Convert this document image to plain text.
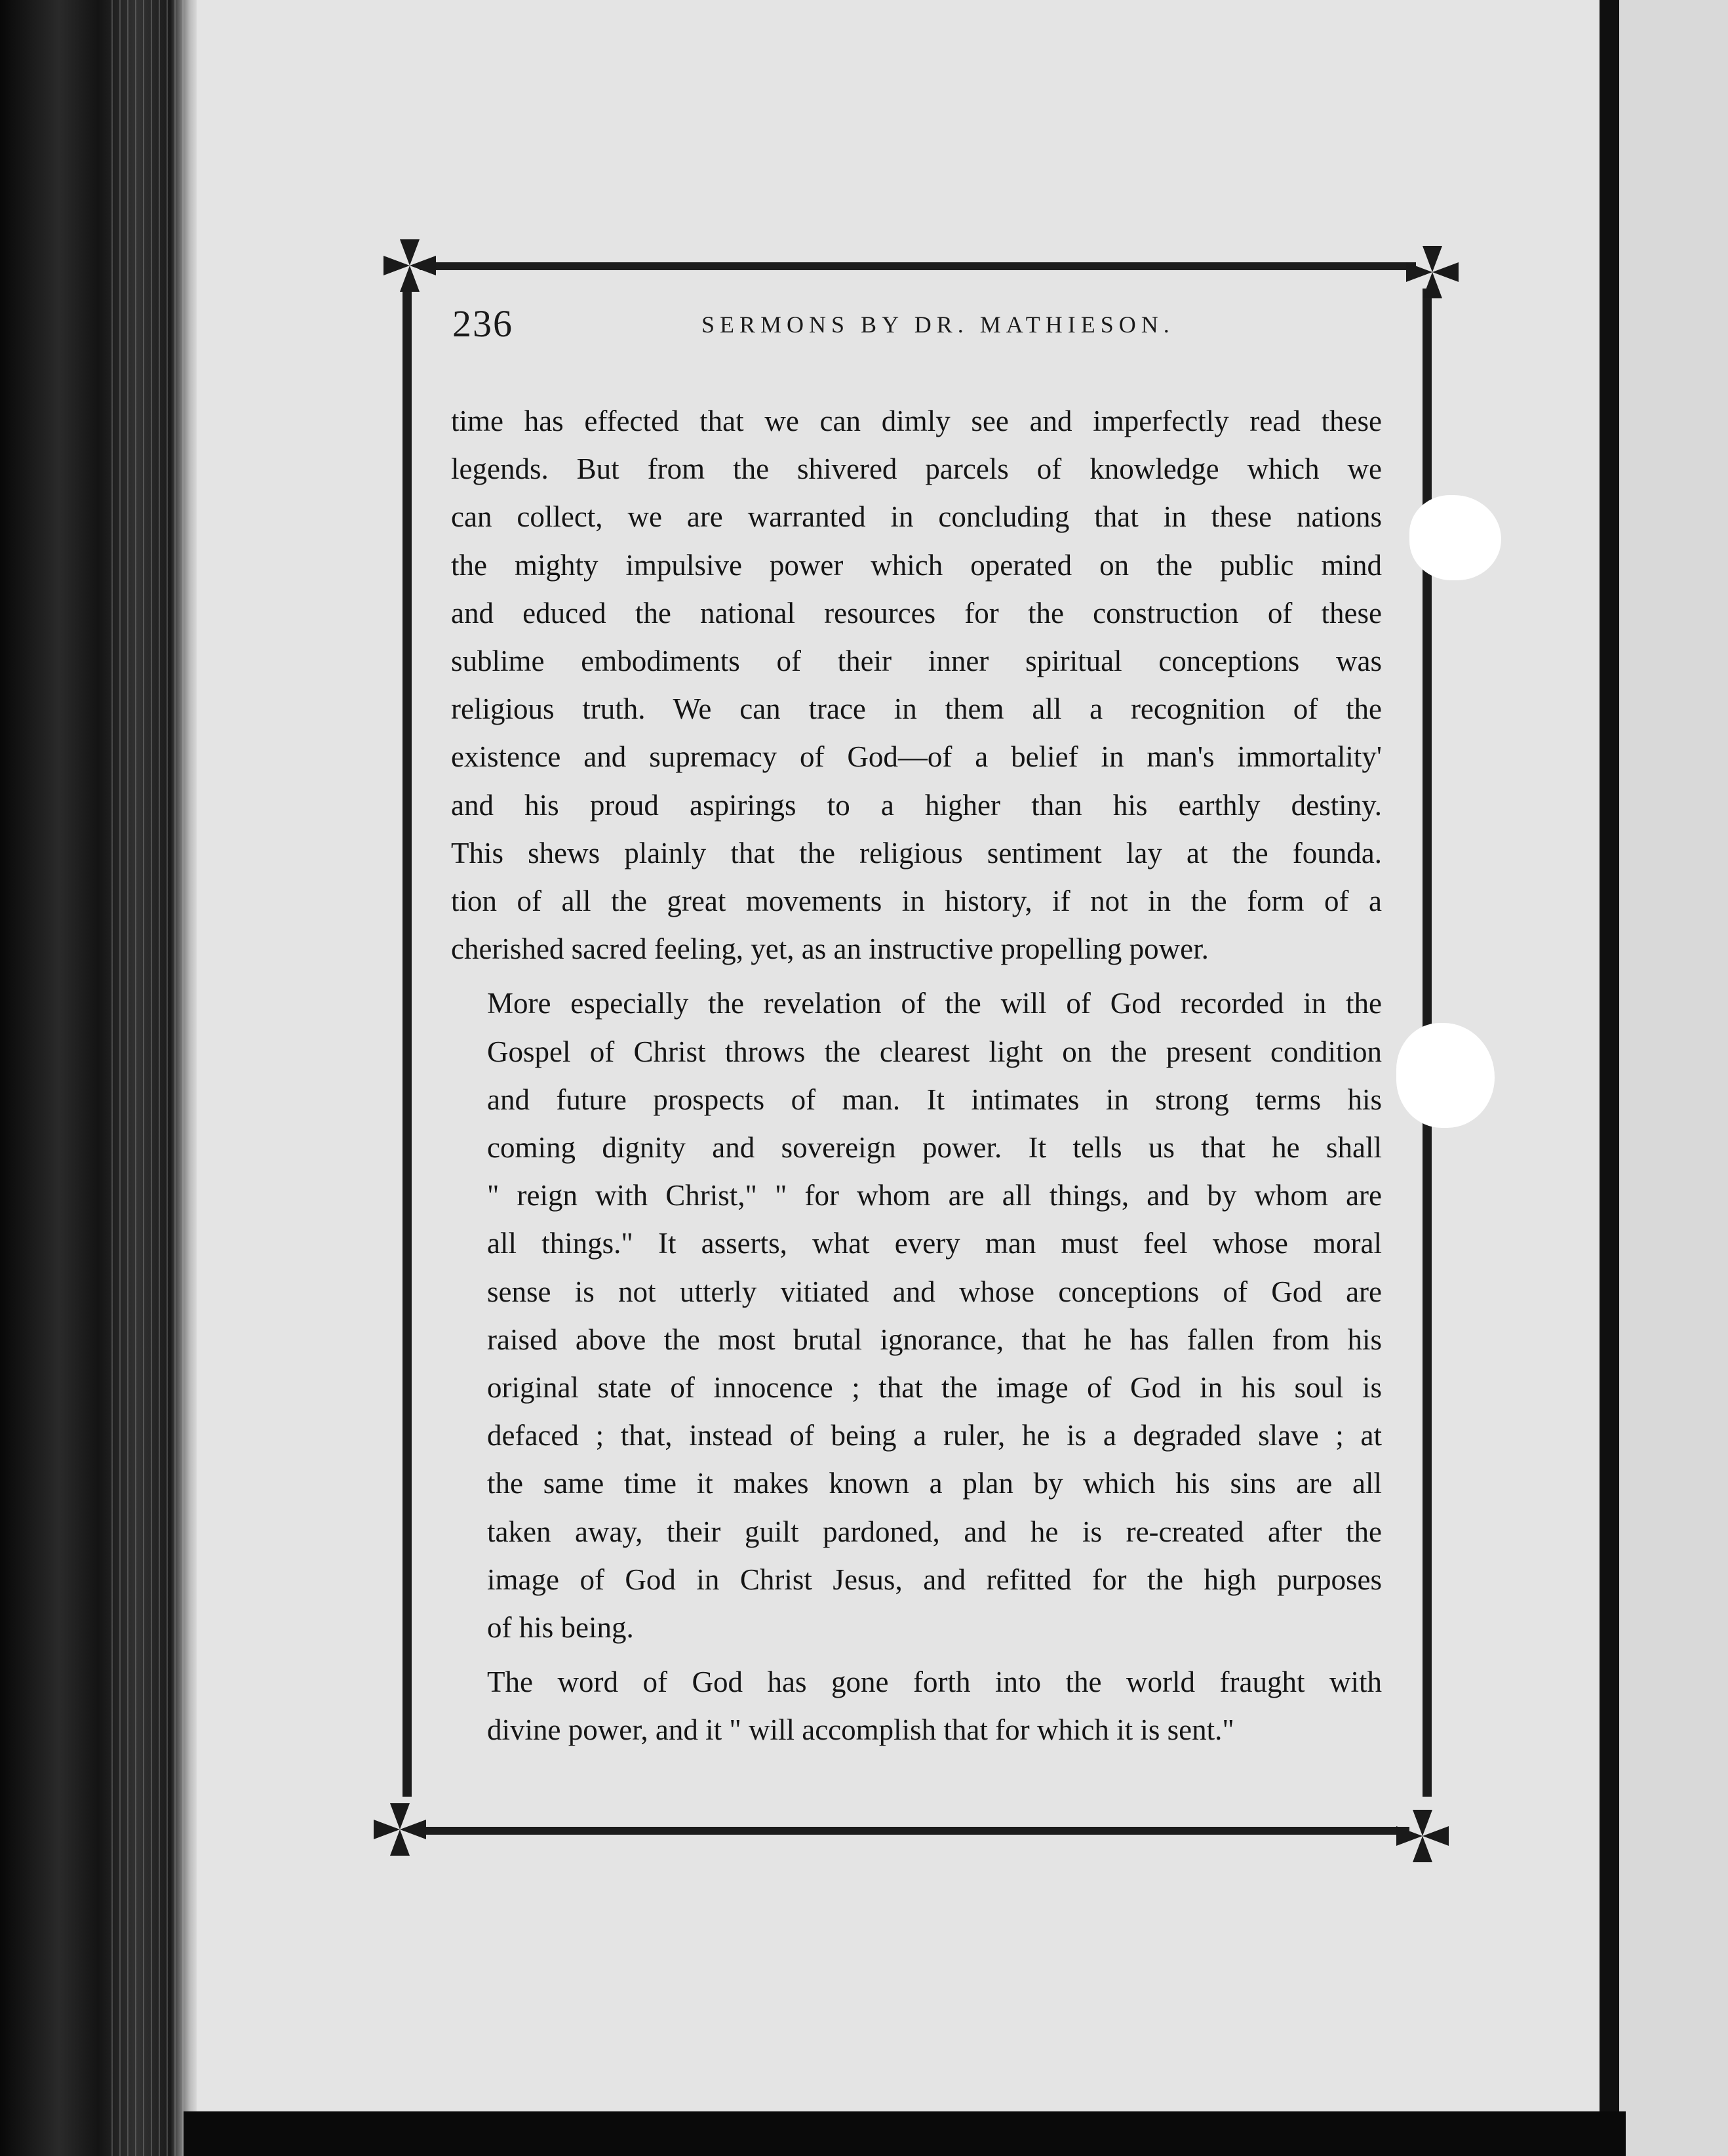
236	SERMONS BY DR. MATHIESON.

time has effected that we can dimly see and imperfectly read these
legends. But from the shivered parcels of knowledge which we
can collect, we are warranted in concluding that in these nations
the mighty impulsive power which operated on the public mind
and educed the national resources for the construction of these
sublime embodiments of their inner spiritual conceptions was
religious truth. We can trace in them all a recognition of the
existence and supremacy of God—of a belief in man's immortality'
and his proud aspirings to a higher than his earthly destiny.
This shews plainly that the religious sentiment lay at the founda.
tion of all the great movements in history, if not in the form of a
cherished sacred feeling, yet, as an instructive propelling power.

More especially the revelation of the will of God recorded in the
Gospel of Christ throws the clearest light on the present condition
and future prospects of man. It intimates in strong terms his
coming dignity and sovereign power. It tells us that he shall
" reign with Christ," " for whom are all things, and by whom are
all things." It asserts, what every man must feel whose moral
sense is not utterly vitiated and whose conceptions of God are
raised above the most brutal ignorance, that he has fallen from his
original state of innocence ; that the image of God in his soul is
defaced ; that, instead of being a ruler, he is a degraded slave ; at
the same time it makes known a plan by which his sins are all
taken away, their guilt pardoned, and he is re-created after the
image of God in Christ Jesus, and refitted for the high purposes
of his being.

The word of God has gone forth into the world fraught with
divine power, and it " will accomplish that for which it is sent."
